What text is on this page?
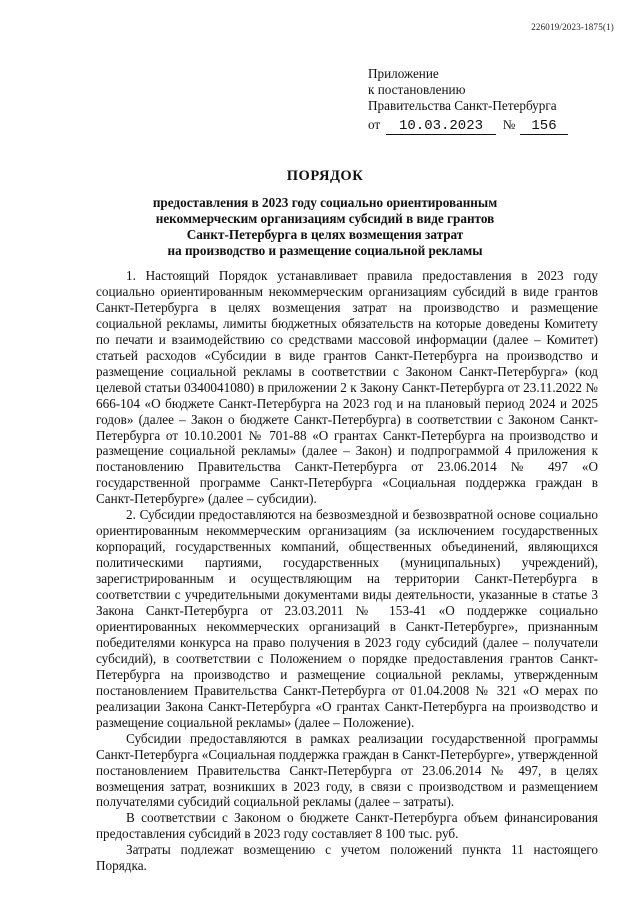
226019/2023-1875(1)
Приложение
к постановлению
Правительства Санкт-Петербурга
от 10.03.2023 № 156
ПОРЯДОК
предоставления в 2023 году социально ориентированным
некоммерческим организациям субсидий в виде грантов
Санкт-Петербурга в целях возмещения затрат
на производство и размещение социальной рекламы

1. Настоящий Порядок устанавливает правила предоставления в 2023 году социально ориентированным некоммерческим организациям субсидий в виде грантов Санкт-Петербурга в целях возмещения затрат на производство и размещение социальной рекламы, лимиты бюджетных обязательств на которые доведены Комитету по печати и взаимодействию со средствами массовой информации (далее – Комитет) статьей расходов «Субсидии в виде грантов Санкт-Петербурга на производство и размещение социальной рекламы в соответствии с Законом Санкт-Петербурга» (код целевой статьи 0340041080) в приложении 2 к Закону Санкт-Петербурга от 23.11.2022 № 666-104 «О бюджете Санкт-Петербурга на 2023 год и на плановый период 2024 и 2025 годов» (далее – Закон о бюджете Санкт-Петербурга) в соответствии с Законом Санкт-Петербурга от 10.10.2001 № 701-88 «О грантах Санкт-Петербурга на производство и размещение социальной рекламы» (далее – Закон) и подпрограммой 4 приложения к постановлению Правительства Санкт-Петербурга от 23.06.2014 № 497 «О государственной программе Санкт-Петербурга «Социальная поддержка граждан в Санкт-Петербурге» (далее – субсидии).

2. Субсидии предоставляются на безвозмездной и безвозвратной основе социально ориентированным некоммерческим организациям (за исключением государственных корпораций, государственных компаний, общественных объединений, являющихся политическими партиями, государственных (муниципальных) учреждений), зарегистрированным и осуществляющим на территории Санкт-Петербурга в соответствии с учредительными документами виды деятельности, указанные в статье 3 Закона Санкт-Петербурга от 23.03.2011 № 153-41 «О поддержке социально ориентированных некоммерческих организаций в Санкт-Петербурге», признанным победителями конкурса на право получения в 2023 году субсидий (далее – получатели субсидий), в соответствии с Положением о порядке предоставления грантов Санкт-Петербурга на производство и размещение социальной рекламы, утвержденным постановлением Правительства Санкт-Петербурга от 01.04.2008 № 321 «О мерах по реализации Закона Санкт-Петербурга «О грантах Санкт-Петербурга на производство и размещение социальной рекламы» (далее – Положение).

Субсидии предоставляются в рамках реализации государственной программы Санкт-Петербурга «Социальная поддержка граждан в Санкт-Петербурге», утвержденной постановлением Правительства Санкт-Петербурга от 23.06.2014 № 497, в целях возмещения затрат, возникших в 2023 году, в связи с производством и размещением получателями субсидий социальной рекламы (далее – затраты).

В соответствии с Законом о бюджете Санкт-Петербурга объем финансирования предоставления субсидий в 2023 году составляет 8 100 тыс. руб.

Затраты подлежат возмещению с учетом положений пункта 11 настоящего Порядка.
